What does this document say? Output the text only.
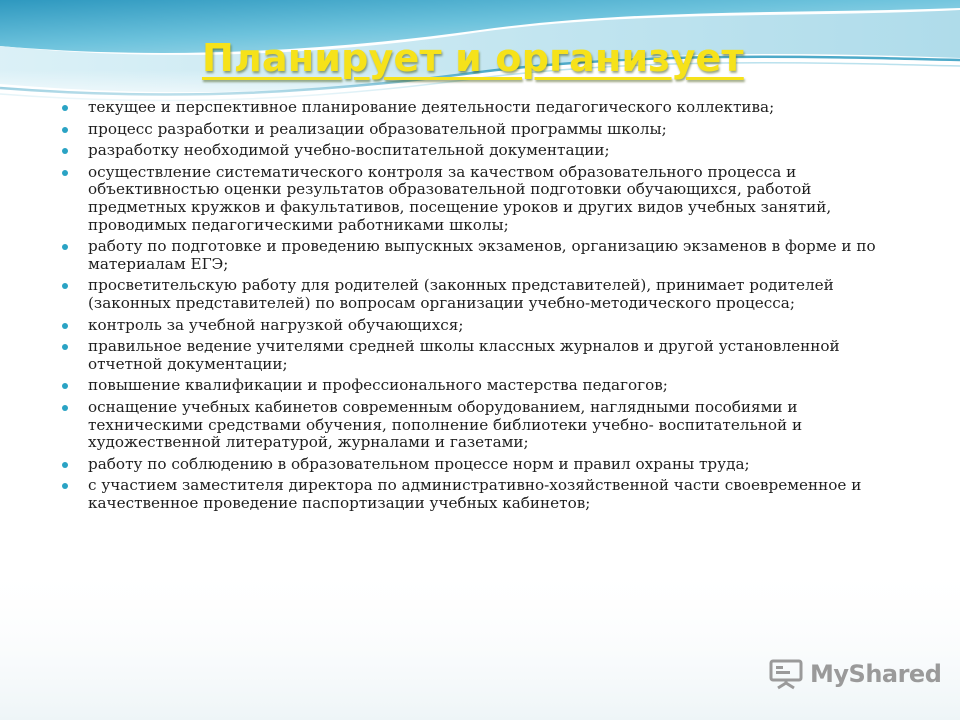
Планирует и организует
текущее и перспективное планирование деятельности педагогического коллектива;
процесс разработки и реализации образовательной программы школы;
разработку необходимой учебно-воспитательной документации;
осуществление систематического контроля за качеством образовательного процесса и объективностью оценки результатов образовательной подготовки обучающихся, работой предметных кружков и факультативов, посещение уроков и других видов учебных занятий, проводимых педагогическими работниками школы;
работу по подготовке и проведению выпускных экзаменов, организацию экзаменов в форме и по материалам ЕГЭ;
просветительскую работу для родителей (законных представителей), принимает родителей (законных представителей) по вопросам организации учебно-методического процесса;
контроль за учебной нагрузкой обучающихся;
правильное ведение учителями средней школы классных журналов и другой установленной отчетной документации;
повышение квалификации и профессионального мастерства педагогов;
оснащение учебных кабинетов современным оборудованием, наглядными пособиями и техническими средствами обучения, пополнение библиотеки учебно- воспитательной и художественной литературой, журналами и газетами;
работу по соблюдению в образовательном процессе норм и правил охраны труда;
с участием заместителя директора по административно-хозяйственной части своевременное и качественное проведение паспортизации учебных кабинетов;
MyShared
